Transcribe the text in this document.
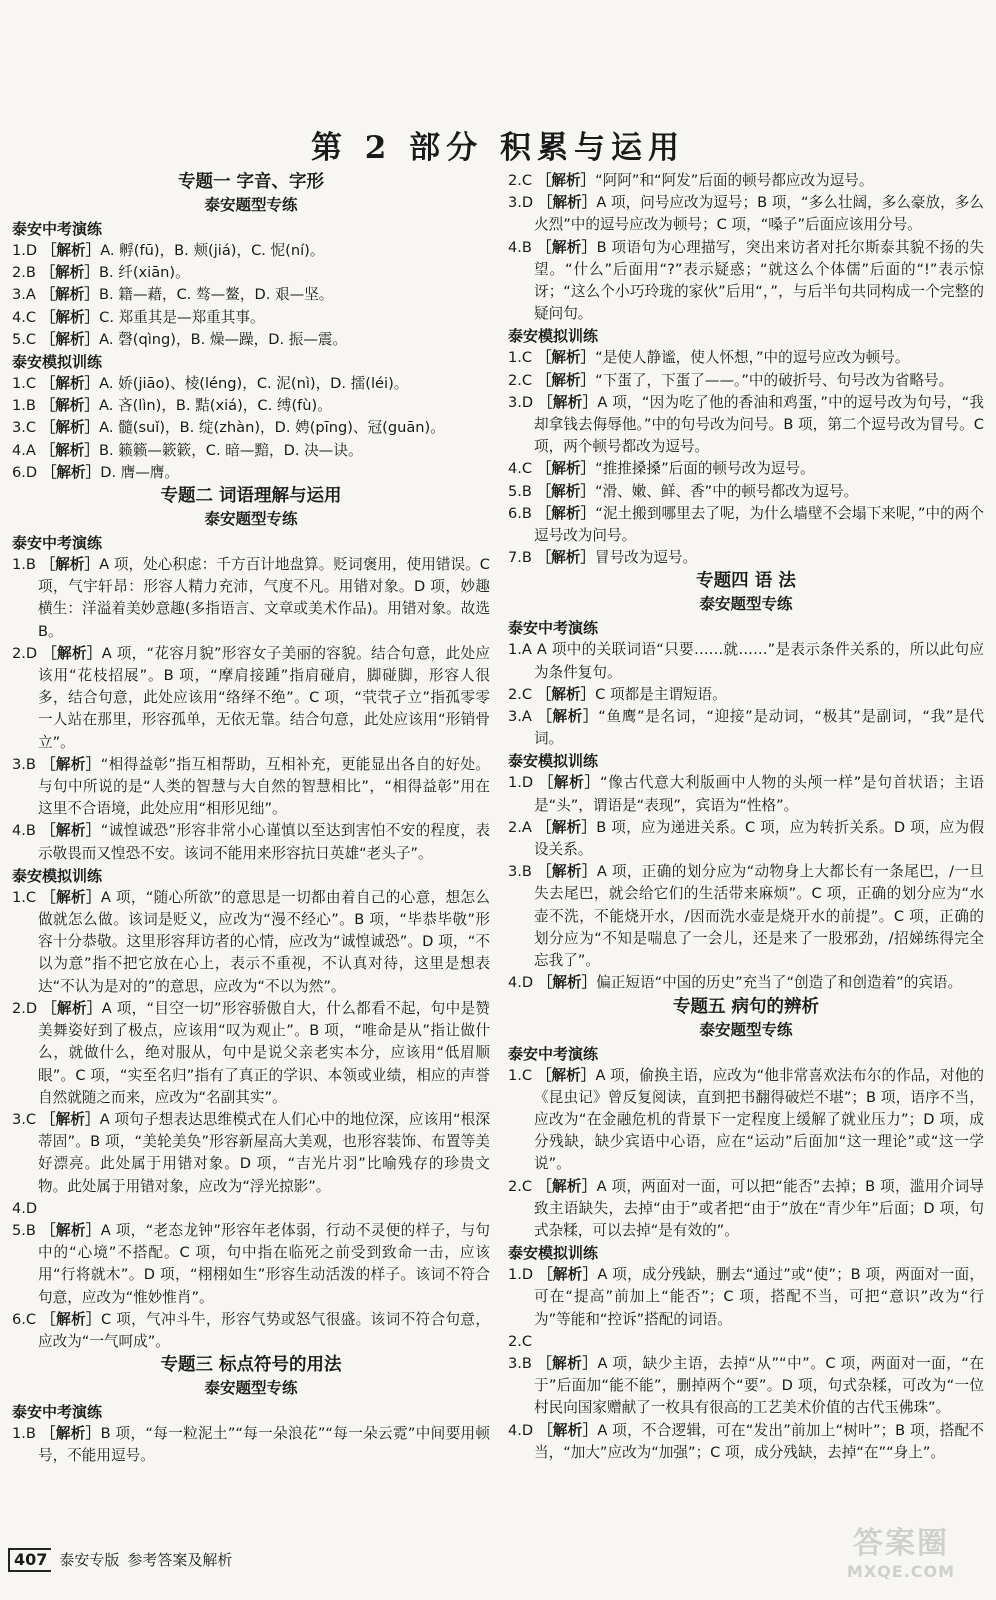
第 2 部分 积累与运用
专题一 字音、字形
泰安题型专练
泰安中考演练

1.D ［解析］A. 孵(fū)，B. 颊(jiá)，C. 怩(ní)。

2.B ［解析］B. 纤(xiān)。

3.A ［解析］B. 籍—藉，C. 骜—鳌，D. 艰—坚。

4.C ［解析］C. 郑重其是—郑重其事。

5.C ［解析］A. 磬(qìng)，B. 燥—躁，D. 振—震。

泰安模拟训练

1.C ［解析］A. 娇(jiāo)、棱(léng)，C. 泥(nì)，D. 擂(léi)。

1.B ［解析］A. 吝(lìn)，B. 黠(xiá)，C. 缚(fù)。

3.C ［解析］A. 髓(suǐ)，B. 绽(zhàn)，D. 娉(pīng)、冠(guān)。

4.A ［解析］B. 籁籁—簌簌，C. 暗—黯，D. 决—诀。

6.D ［解析］D. 膺—膺。

专题二 词语理解与运用
泰安题型专练
泰安中考演练

1.B ［解析］A 项，处心积虑：千方百计地盘算。贬词褒用，使用错误。C 项，气宇轩昂：形容人精力充沛，气度不凡。用错对象。D 项，妙趣横生：洋溢着美妙意趣(多指语言、文章或美术作品)。用错对象。故选 B。

2.D ［解析］A 项，“花容月貌”形容女子美丽的容貌。结合句意，此处应该用“花枝招展”。B 项，“摩肩接踵”指肩碰肩，脚碰脚，形容人很多，结合句意，此处应该用“络绎不绝”。C 项，“茕茕孑立”指孤零零一人站在那里，形容孤单，无依无靠。结合句意，此处应该用“形销骨立”。

3.B ［解析］“相得益彰”指互相帮助，互相补充，更能显出各自的好处。与句中所说的是“人类的智慧与大自然的智慧相比”，“相得益彰”用在这里不合语境，此处应用“相形见绌”。

4.B ［解析］“诚惶诚恐”形容非常小心谨慎以至达到害怕不安的程度，表示敬畏而又惶恐不安。该词不能用来形容抗日英雄“老头子”。

泰安模拟训练

1.C ［解析］A 项，“随心所欲”的意思是一切都由着自己的心意，想怎么做就怎么做。该词是贬义，应改为“漫不经心”。B 项，“毕恭毕敬”形容十分恭敬。这里形容拜访者的心情，应改为“诚惶诚恐”。D 项，“不以为意”指不把它放在心上，表示不重视，不认真对待，这里是想表达“不认为是对的”的意思，应改为“不以为然”。

2.D ［解析］A 项，“目空一切”形容骄傲自大，什么都看不起，句中是赞美舞姿好到了极点，应该用“叹为观止”。B 项，“唯命是从”指让做什么，就做什么，绝对服从，句中是说父亲老实本分，应该用“低眉顺眼”。C 项，“实至名归”指有了真正的学识、本领或业绩，相应的声誉自然就随之而来，应改为“名副其实”。

3.C ［解析］A 项句子想表达思维模式在人们心中的地位深，应该用“根深蒂固”。B 项，“美轮美奂”形容新屋高大美观，也形容装饰、布置等美好漂亮。此处属于用错对象。D 项，“吉光片羽”比喻残存的珍贵文物。此处属于用错对象，应改为“浮光掠影”。

4.D

5.B ［解析］A 项，“老态龙钟”形容年老体弱，行动不灵便的样子，与句中的“心境”不搭配。C 项，句中指在临死之前受到致命一击，应该用“行将就木”。D 项，“栩栩如生”形容生动活泼的样子。该词不符合句意，应改为“惟妙惟肖”。

6.C ［解析］C 项，气冲斗牛，形容气势或怒气很盛。该词不符合句意，应改为“一气呵成”。

专题三 标点符号的用法
泰安题型专练
泰安中考演练

1.B ［解析］B 项，“每一粒泥土”“每一朵浪花”“每一朵云霓”中间要用顿号，不能用逗号。

2.C ［解析］“阿阿”和“阿发”后面的顿号都应改为逗号。

3.D ［解析］A 项，问号应改为逗号；B 项，“多么壮阔，多么豪放，多么火烈”中的逗号应改为顿号；C 项，“嗓子”后面应该用分号。

4.B ［解析］B 项语句为心理描写，突出来访者对托尔斯泰其貌不扬的失望。“什么”后面用“?”表示疑惑；“就这么个体儒”后面的“!”表示惊讶；“这么个小巧玲珑的家伙”后用“，”，与后半句共同构成一个完整的疑问句。

泰安模拟训练

1.C ［解析］“是使人静谧，使人怀想，”中的逗号应改为顿号。

2.C ［解析］“下蛋了，下蛋了——。”中的破折号、句号改为省略号。

3.D ［解析］A 项，“因为吃了他的香油和鸡蛋，”中的逗号改为句号，“我却拿钱去侮辱他。”中的句号改为问号。B 项，第二个逗号改为冒号。C 项，两个顿号都改为逗号。

4.C ［解析］“推推搡搡”后面的顿号改为逗号。

5.B ［解析］“滑、嫩、鲜、香”中的顿号都改为逗号。

6.B ［解析］“泥土搬到哪里去了呢，为什么墙壁不会塌下来呢，”中的两个逗号改为问号。

7.B ［解析］冒号改为逗号。

专题四 语 法
泰安题型专练
泰安中考演练

1.A A 项中的关联词语“只要……就……”是表示条件关系的，所以此句应为条件复句。

2.C ［解析］C 项都是主谓短语。

3.A ［解析］“鱼鹰”是名词，“迎接”是动词，“极其”是副词，“我”是代词。

泰安模拟训练

1.D ［解析］“像古代意大利版画中人物的头颅一样”是句首状语；主语是“头”，谓语是“表现”，宾语为“性格”。

2.A ［解析］B 项，应为递进关系。C 项，应为转折关系。D 项，应为假设关系。

3.B ［解析］A 项，正确的划分应为“动物身上大都长有一条尾巴，/一旦失去尾巴，就会给它们的生活带来麻烦”。C 项，正确的划分应为“水壶不洗，不能烧开水，/因而洗水壶是烧开水的前提”。C 项，正确的划分应为“不知是喘息了一会儿，还是来了一股邪劲，/招娣练得完全忘我了”。

4.D ［解析］偏正短语“中国的历史”充当了“创造了和创造着”的宾语。

专题五 病句的辨析
泰安题型专练
泰安中考演练

1.C ［解析］A 项，偷换主语，应改为“他非常喜欢法布尔的作品，对他的《昆虫记》曾反复阅读，直到把书翻得破烂不堪”；B 项，语序不当，应改为“在金融危机的背景下一定程度上缓解了就业压力”；D 项，成分残缺，缺少宾语中心语，应在“运动”后面加“这一理论”或“这一学说”。

2.C ［解析］A 项，两面对一面，可以把“能否”去掉；B 项，滥用介词导致主语缺失，去掉“由于”或者把“由于”放在“青少年”后面；D 项，句式杂糅，可以去掉“是有效的”。

泰安模拟训练

1.D ［解析］A 项，成分残缺，删去“通过”或“使”；B 项，两面对一面，可在“提高”前加上“能否”；C 项，搭配不当，可把“意识”改为“行为”等能和“控诉”搭配的词语。

2.C

3.B ［解析］A 项，缺少主语，去掉“从”“中”。C 项，两面对一面，“在于”后面加“能不能”，删掉两个“要”。D 项，句式杂糅，可改为“一位村民向国家赠献了一枚具有很高的工艺美术价值的古代玉佛珠”。

4.D ［解析］A 项，不合逻辑，可在“发出”前加上“树叶”；B 项，搭配不当，“加大”应改为“加强”；C 项，成分残缺，去掉“在”“身上”。

407 泰安专版 参考答案及解析	答案圈
MXQE.COM
